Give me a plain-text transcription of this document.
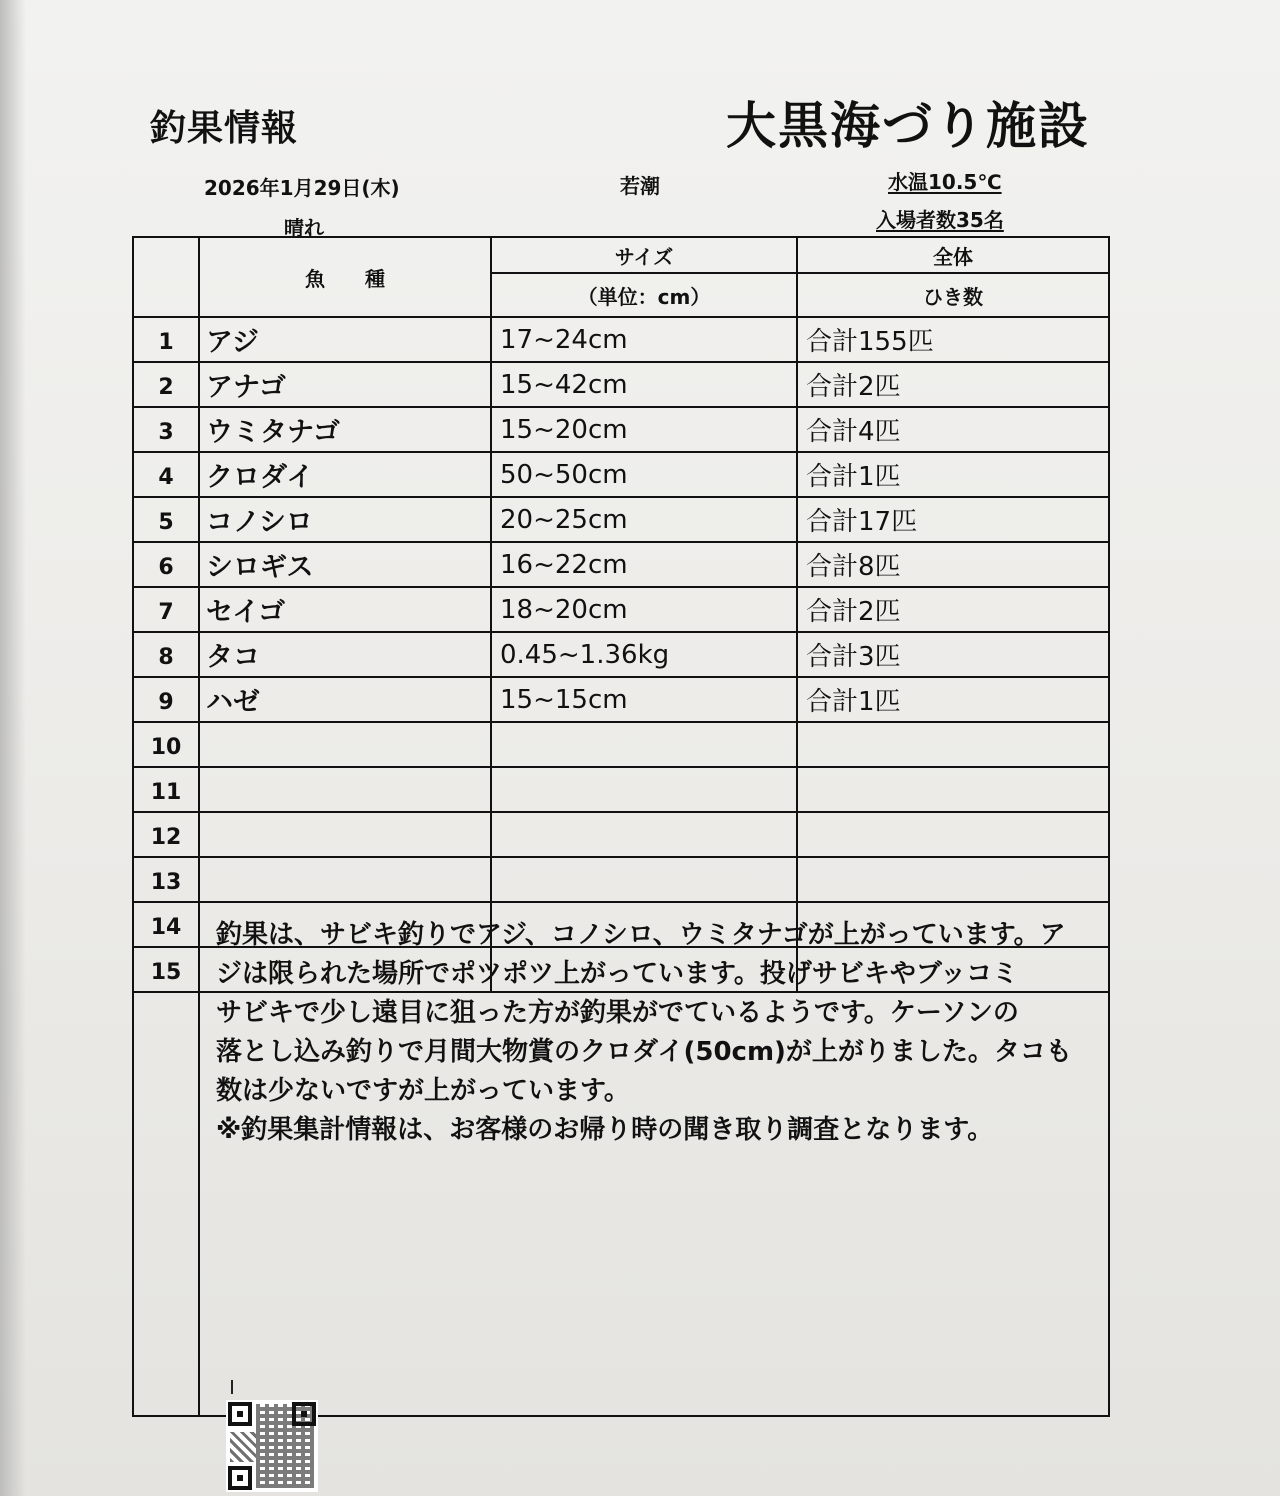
釣果情報	大黒海づり施設
2026年1月29日(木)	若潮	水温10.5℃
晴れ	入場者数35名
	魚　　種	サイズ	全体
		（単位：cm）	ひき数
1	アジ	17~24cm	合計155匹
2	アナゴ	15~42cm	合計2匹
3	ウミタナゴ	15~20cm	合計4匹
4	クロダイ	50~50cm	合計1匹
5	コノシロ	20~25cm	合計17匹
6	シロギス	16~22cm	合計8匹
7	セイゴ	18~20cm	合計2匹
8	タコ	0.45~1.36kg	合計3匹
9	ハゼ	15~15cm	合計1匹
10			
11			
12			
13			
14			
15			

釣果は、サビキ釣りでアジ、コノシロ、ウミタナゴが上がっています。ア
ジは限られた場所でポツポツ上がっています。投げサビキやブッコミ
サビキで少し遠目に狙った方が釣果がでているようです。ケーソンの
落とし込み釣りで月間大物賞のクロダイ(50cm)が上がりました。タコも
数は少ないですが上がっています。
※釣果集計情報は、お客様のお帰り時の聞き取り調査となります。
